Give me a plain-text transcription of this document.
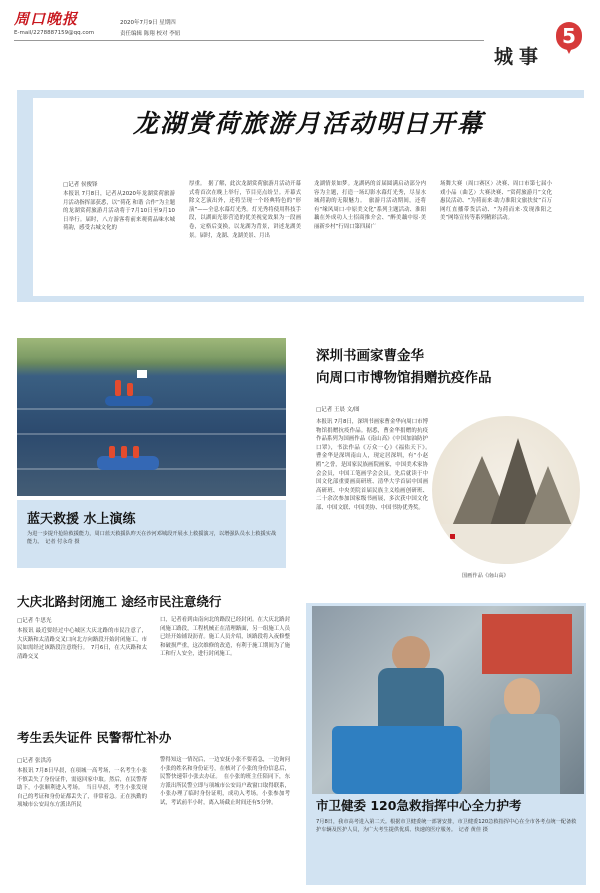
周口晚报
E-mail/2278887159@qq.com
2020年7月9日 星期四
责任编辑 陈翔 校对 李妞
城事
5
龙湖赏荷旅游月活动明日开幕
□记者 侯俊锋
本报讯 7月8日，记者从2020年龙湖赏荷旅游月活动指挥部获悉，以“荷花 和谐 合作”为主题的龙湖赏荷旅游月活动将于7月10日至9月10日举行。届时，八方游客将前来观荷品味水城荷韵，感受古城文化的
厚重。　据了解，此次龙湖赏荷旅游月活动开幕式将首次在晚上举行，节目亮点纷呈。开幕式除文艺演出外，还将呈现一个经典特色的“形演”——全息水幕灯光秀。灯光秀将使用科技手段，以湖面光影营造的优美视觉效果为一段画卷，定格后变换，以龙湖为背景，讲述龙湖美景。届时，龙湖、龙湖美景、月出
龙湖情景如梦。龙湖码的首届圆满启动部分内容为主题，打造一场幻影水幕灯光秀，尽显水城荷韵的无限魅力。　旅游月活动期间，还将有“缘风周口·中原美文化”系列主题活动、淮阳藕在外成功人士招商推介会、“醉美藕中原·美丽新乡村”行周口第四届广
场舞大赛（周口赛区）决赛、周口市第七届小戏小品（曲艺）大赛决赛、“赏荷旅游月”文化惠民活动、“为荷而来·助力准阳文旅扶贫”百万网红直播带货活动、“为荷而来·发现淮阳之美”网络宣传等系列精彩活动。
蓝天救援 水上演练
为进一步提升抢险救援能力，周口蓝天救援队昨天在沙河邓城段开展水上救援演习，以增强队员水上救援实战能力。　记者 付永奇 摄
深圳书画家曹金华
向周口市博物馆捐赠抗疫作品
□记者 王晨 文/图
本报讯 7月8日，深圳书画家曹金华向周口市博物馆捐赠抗疫作品。据悉，曹金华捐赠的抗疫作品系列为国画作品《南山高》《中国加油防护口罩》，书法作品《万众一心》《福佑天下》。　曹金华是深圳南山人，现定居深圳，有“小赵鸥”之誉，是国家民族画院画家，中国美术家协会会员，中国工笔画学会会员。先后就读于中国文化部重要画高研班、清华大学首届中国画高研班、中央美院首届民族主义绘画创研班、二十余次参加国家级书画展，多次获中国文化部、中国文联、中国美协、中国书协优秀奖。
国画作品《南山高》
大庆北路封闭施工 途经市民注意绕行
□记者 牛思光
本报讯 最近要经过中心城区大庆北路的市民注意了，大庆路和太清路交叉口向北方向路段开始封闭施工，市民如需经过该路段注意绕行。　7月6日，在大庆路和太清路交叉
口，记者看到由南向北的路段已经封闭。在大庆北路封闭施工路段，工程机械正在清理路面，另一组施工人员已经开始铺设沥青。施工人员介绍，该路段将入夜修整和破损严重，这次维修的改造，有利于施工期间为了施工和行人安全，进行封闭施工。
考生丢失证件 民警帮忙补办
□记者 张洪涛
本报讯 7月8日早晨，在项城一高考场，一名考生小张不慎丢失了身份证件，需返回家中取。然后，在民警帮助下，小张顺利进入考场。　当日早晨，考生小张发现自己的考证和身份证都丢失了，非常着急。正在执勤的项城市公安局东方派出所民
警得知这一情况后，一边安抚小张不要着急，一边询问小张的姓名和身份证号，在核对了小张的身份信息后，民警快速带小张去办证。　在小张的班主任陪同下，东方派出所民警立即与项城市公安局户政窗口取得联系，小张办理了临时身份证明，成功入考场。小张参加考试，考试前半小时，离入场截止时间还有5分钟。	市卫健委 120急救指挥中心全力护考
7月8日，我市高考进入第二天。根据市卫健委统一部署安排，市卫健委120急救指挥中心在全市各考点统一配备救护车辆及医护人员，为广大考生提供优质、快速的医疗服务。　记者 黄佳 摄
